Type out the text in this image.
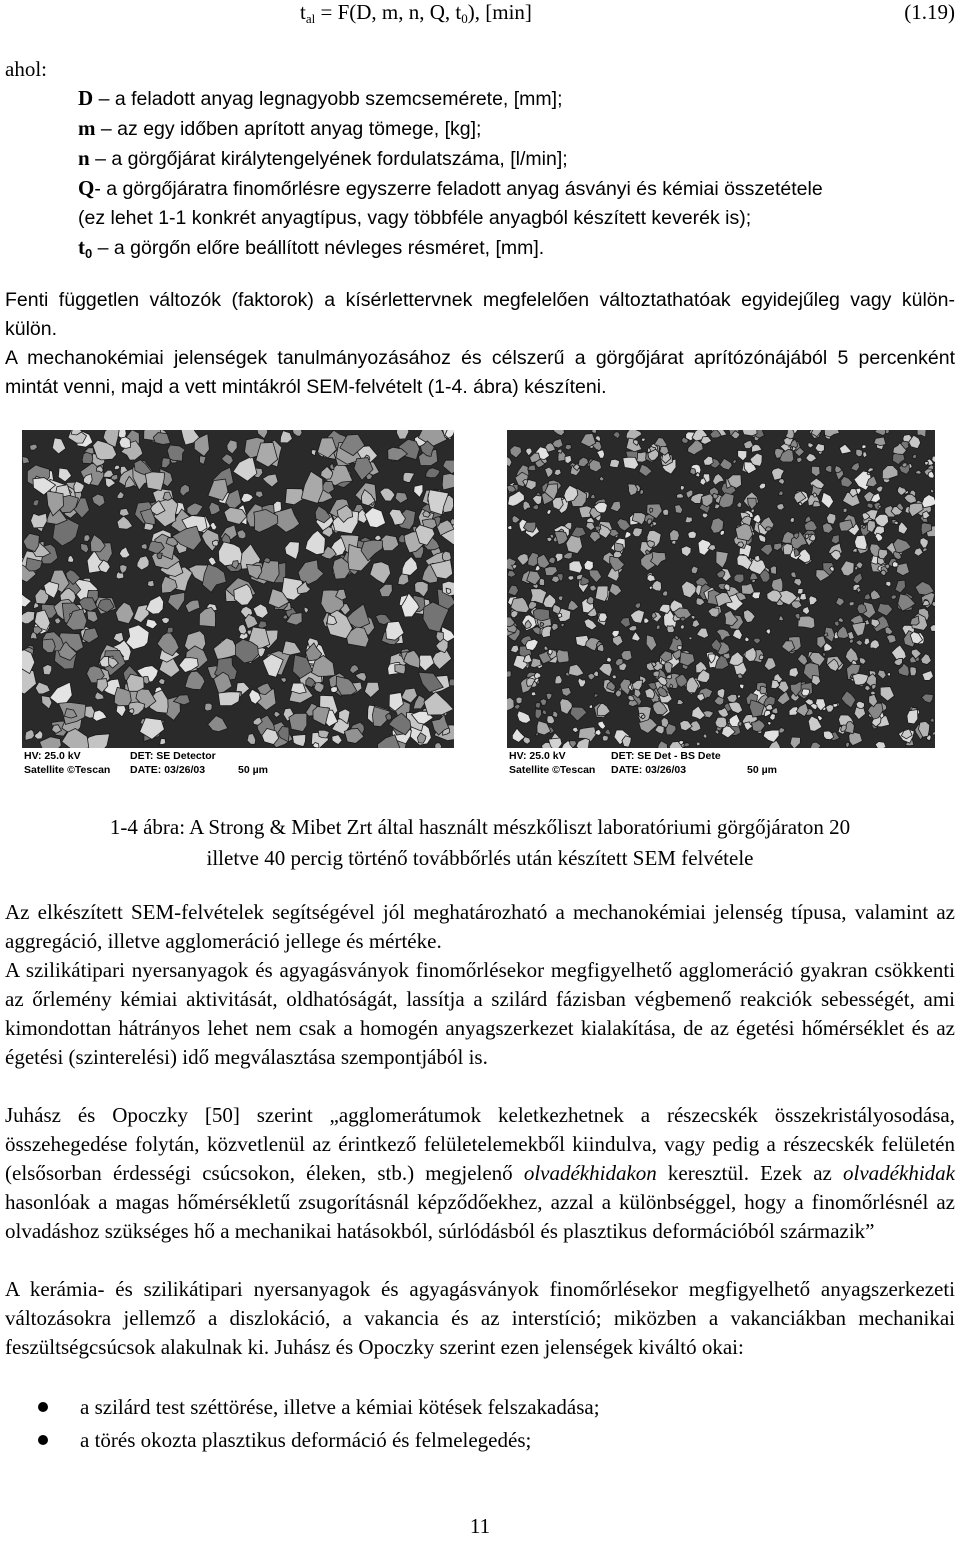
$t_{al} = F(D$, m, n, Q, $t_0$), [min]	(1.19)
ahol:
D – a feladott anyag legnagyobb szemcsemérete, [mm];
m – az egy időben aprított anyag tömege, [kg];
n – a görgőjárat királytengelyének fordulatszáma, [l/min];
Q- a görgőjáratra finomőrlésre egyszerre feladott anyag ásványi és kémiai összetétele
(ez lehet 1-1 konkrét anyagtípus, vagy többféle anyagból készített keverék is);
$t_0$ – a görgőn előre beállított névleges résméret, [mm].
Fenti független változók (faktorok) a kísérlettervnek megfelelően változtathatóak egyidejűleg vagy külön-külön.
A mechanokémiai jelenségek tanulmányozásához és célszerű a görgőjárat aprítózónájából 5 percenként mintát venni, majd a vett mintákról SEM-felvételt (1-4. ábra) készíteni.
HV: 25.0 kV	DET: SE Detector
Satellite ©Tescan DATE: 03/26/03	50 µm
HV: 25.0 kV	DET: SE Det - BS Dete
Satellite ©Tescan DATE: 03/26/03	50 µm
1-4 ábra: A Strong & Mibet Zrt által használt mészkőliszt laboratóriumi görgőjáraton 20
illetve 40 percig történő továbbőrlés után készített SEM felvétele
Az elkészített SEM-felvételek segítségével jól meghatározható a mechanokémiai jelenség típusa, valamint az aggregáció, illetve agglomeráció jellege és mértéke.
A szilikátipari nyersanyagok és agyagásványok finomőrlésekor megfigyelhető agglomeráció gyakran csökkenti az őrlemény kémiai aktivitását, oldhatóságát, lassítja a szilárd fázisban végbemenő reakciók sebességét, ami kimondottan hátrányos lehet nem csak a homogén anyagszerkezet kialakítása, de az égetési hőmérséklet és az égetési (szinterelési) idő megválasztása szempontjából is.
Juhász és Opoczky [50] szerint „agglomerátumok keletkezhetnek a részecskék összekristályosodása, összehegedése folytán, közvetlenül az érintkező felületelemekből kiindulva, vagy pedig a részecskék felületén (elsősorban érdességi csúcsokon, éleken, stb.) megjelenő olvadékhidakon keresztül. Ezek az olvadékhidak hasonlóak a magas hőmérsékletű zsugorításnál képződőekhez, azzal a különbséggel, hogy a finomőrlésnél az olvadáshoz szükséges hő a mechanikai hatásokból, súrlódásból és plasztikus deformációból származik”
A kerámia- és szilikátipari nyersanyagok és agyagásványok finomőrlésekor megfigyelhető anyagszerkezeti változásokra jellemző a diszlokáció, a vakancia és az interstíció; miközben a vakanciákban mechanikai feszültségcsúcsok alakulnak ki. Juhász és Opoczky szerint ezen jelenségek kiváltó okai:
a szilárd test széttörése, illetve a kémiai kötések felszakadása;
a törés okozta plasztikus deformáció és felmelegedés;
11
